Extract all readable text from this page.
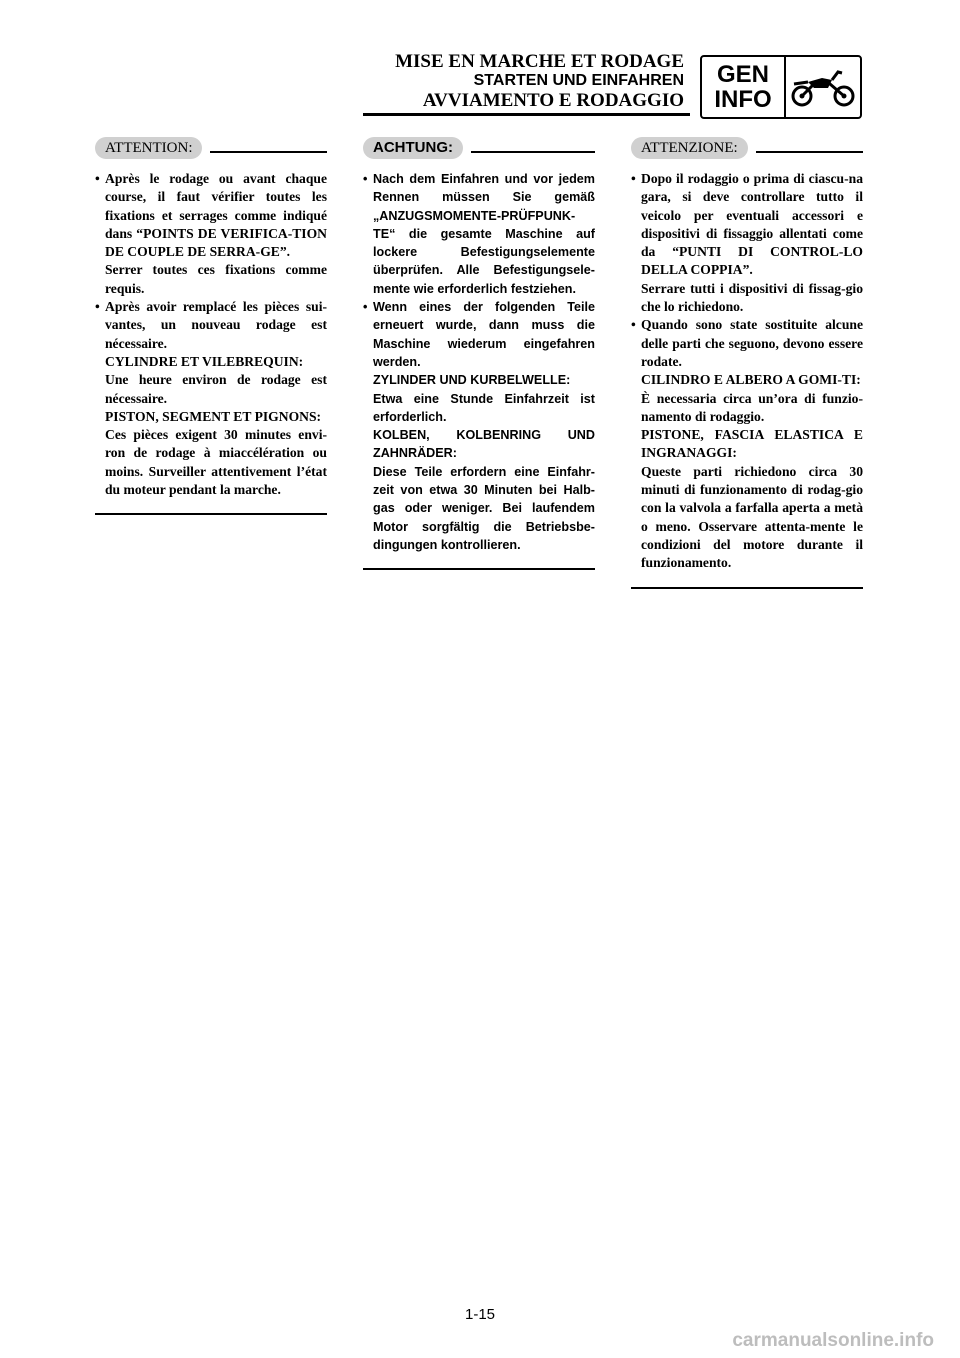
MISE EN MARCHE ET RODAGE
STARTEN UND EINFAHREN
AVVIAMENTO E RODAGGIO
GEN
INFO
ATTENTION:
• Après le rodage ou avant chaque course, il faut vérifier toutes les fixations et serrages comme indiqué dans “POINTS DE VERIFICA-TION DE COUPLE DE SERRA-GE”.
Serrer toutes ces fixations comme requis.
• Après avoir remplacé les pièces sui-vantes, un nouveau rodage est nécessaire.
CYLINDRE ET VILEBREQUIN:
Une heure environ de rodage est nécessaire.
PISTON, SEGMENT ET PIGNONS:
Ces pièces exigent 30 minutes envi-ron de rodage à miaccélération ou moins. Surveiller attentivement l’état du moteur pendant la marche.
ACHTUNG:
• Nach dem Einfahren und vor jedem Rennen müssen Sie gemäß „ANZUGSMOMENTE-PRÜFPUNK-TE“ die gesamte Maschine auf lockere Befestigungselemente überprüfen. Alle Befestigungsele-mente wie erforderlich festziehen.
• Wenn eines der folgenden Teile erneuert wurde, dann muss die Maschine wiederum eingefahren werden.
ZYLINDER UND KURBELWELLE:
Etwa eine Stunde Einfahrzeit ist erforderlich.
KOLBEN, KOLBENRING UND ZAHNRÄDER:
Diese Teile erfordern eine Einfahr-zeit von etwa 30 Minuten bei Halb-gas oder weniger. Bei laufendem Motor sorgfältig die Betriebsbe-dingungen kontrollieren.
ATTENZIONE:
• Dopo il rodaggio o prima di ciascu-na gara, si deve controllare tutto il veicolo per eventuali accessori e dispositivi di fissaggio allentati come da “PUNTI DI CONTROL-LO DELLA COPPIA”.
Serrare tutti i dispositivi di fissag-gio che lo richiedono.
• Quando sono state sostituite alcune delle parti che seguono, devono essere rodate.
CILINDRO E ALBERO A GOMI-TI:
È necessaria circa un’ora di funzio-namento di rodaggio.
PISTONE, FASCIA ELASTICA E INGRANAGGI:
Queste parti richiedono circa 30 minuti di funzionamento di rodag-gio con la valvola a farfalla aperta a metà o meno. Osservare attenta-mente le condizioni del motore durante il funzionamento.
1-15
carmanualsonline.info
